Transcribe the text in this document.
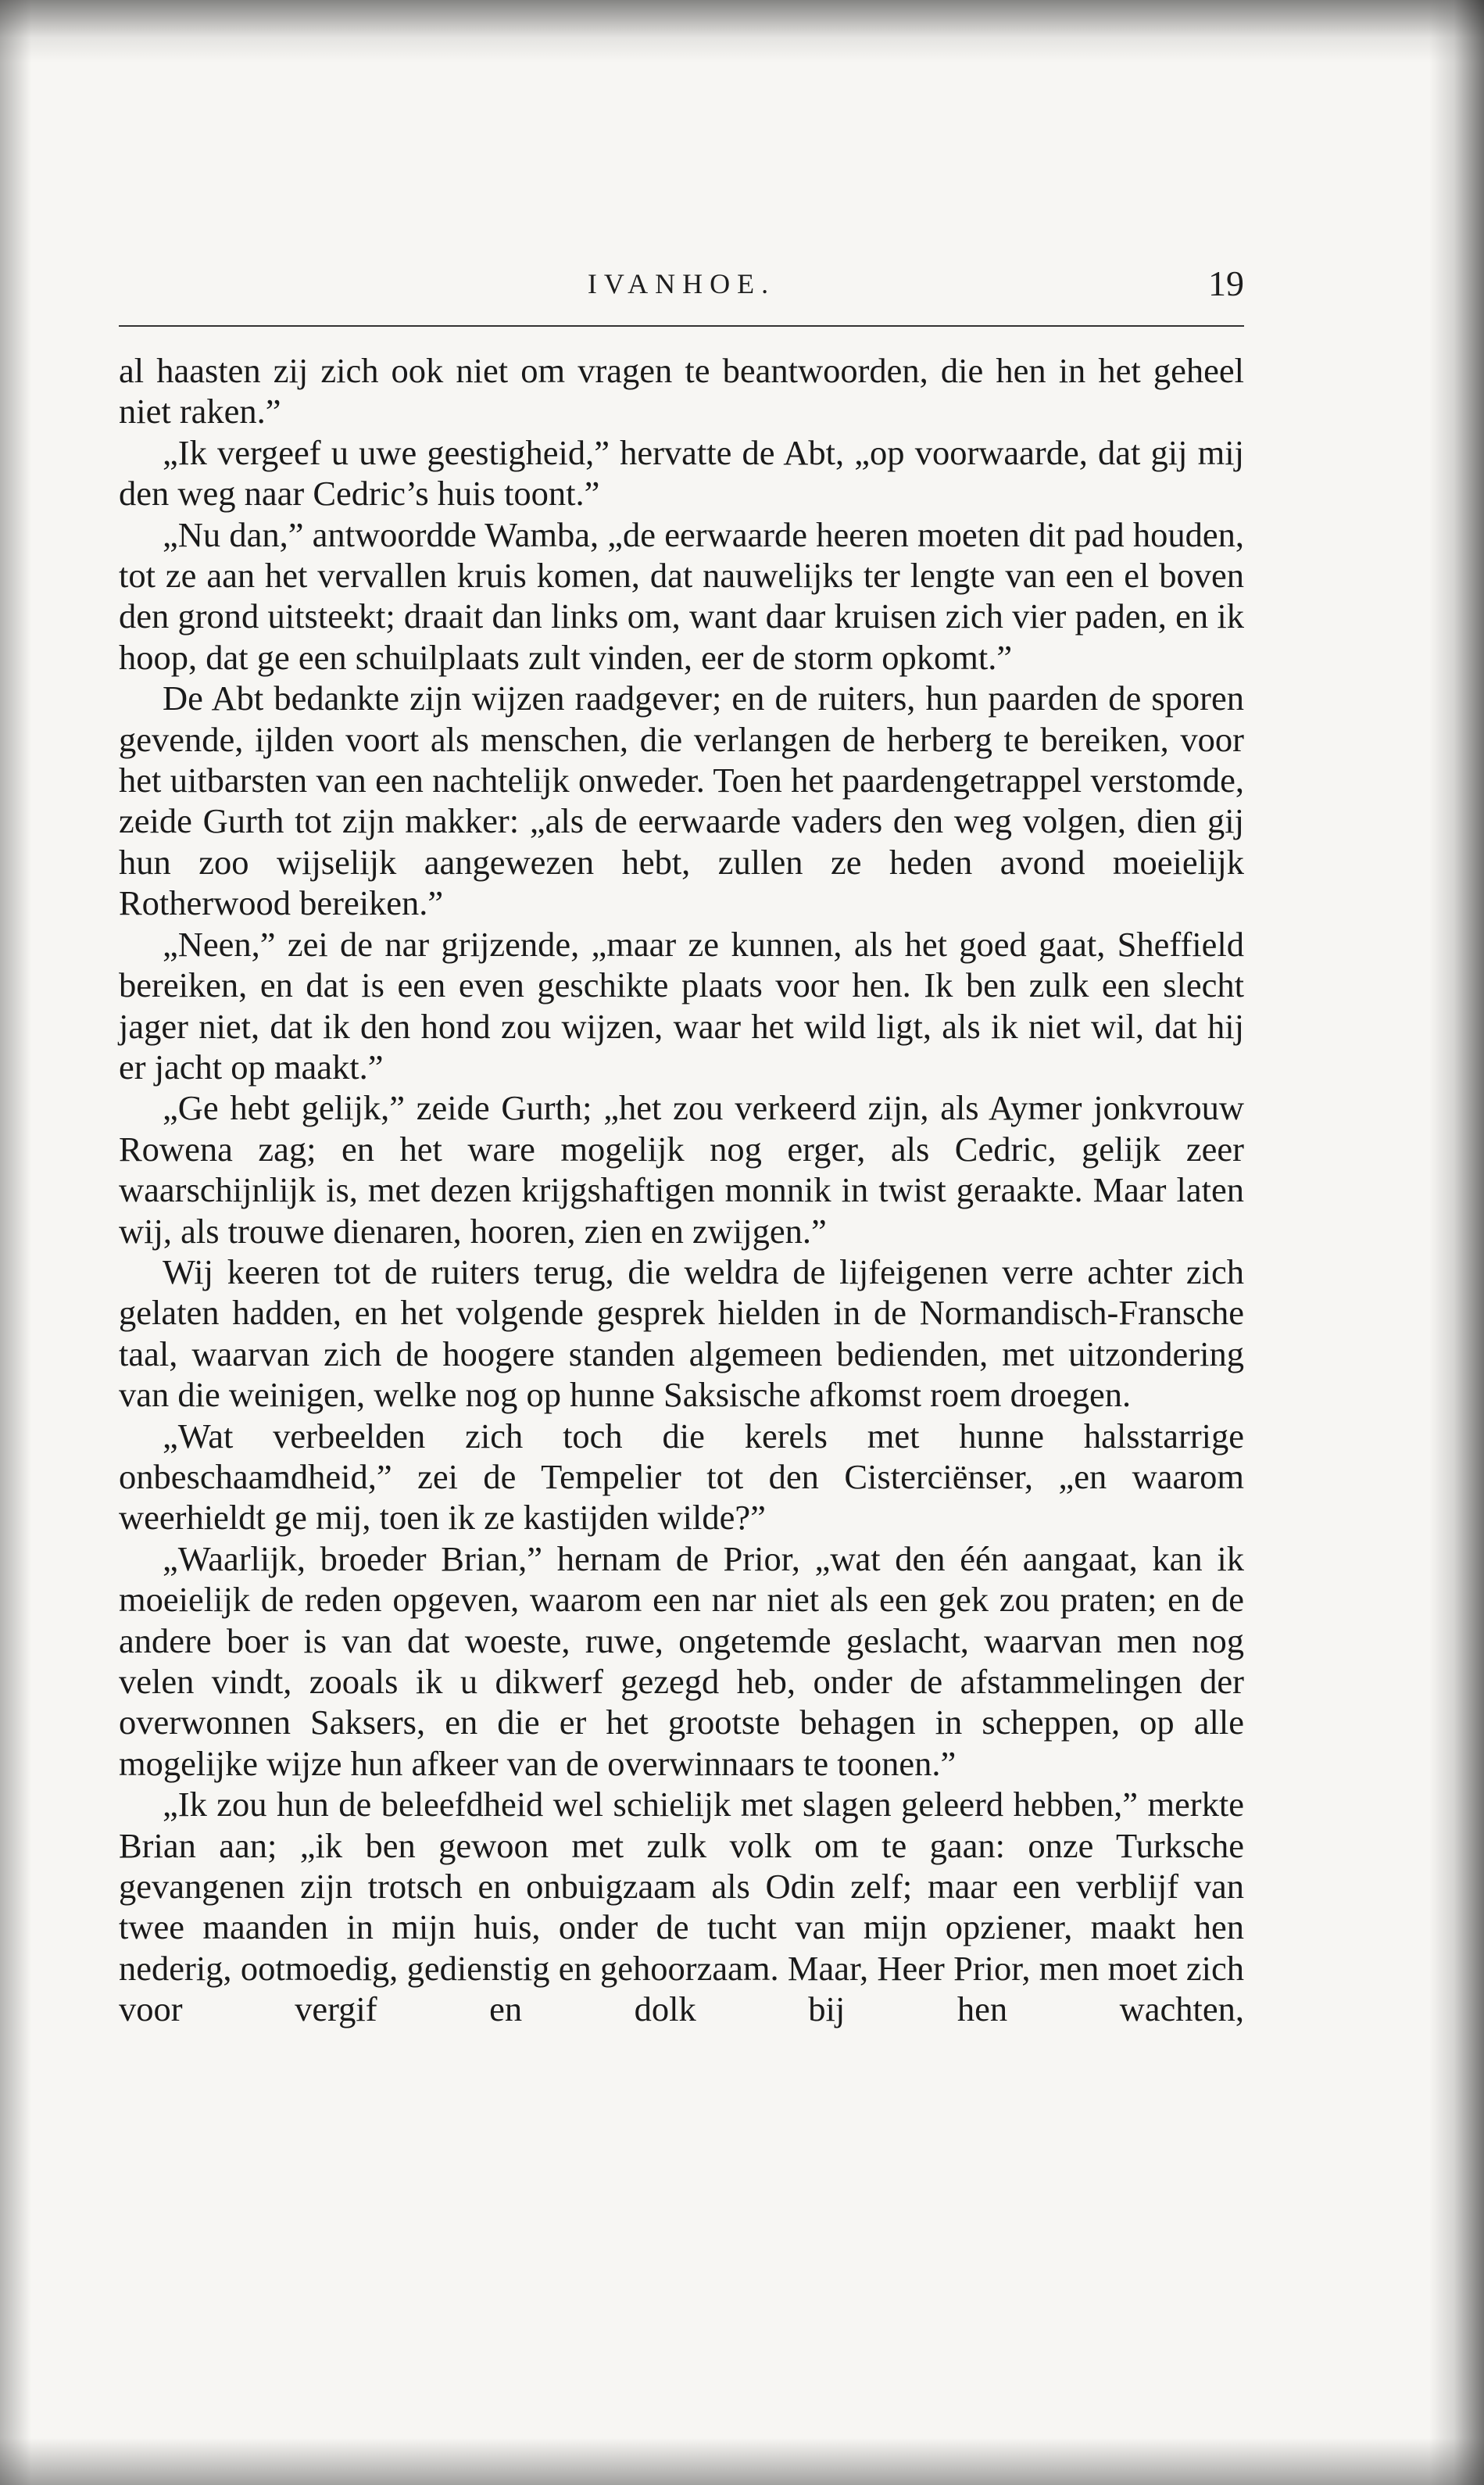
IVANHOE.	19

al haasten zij zich ook niet om vragen te beantwoorden, die hen in het geheel niet raken.”

„Ik vergeef u uwe geestigheid,” hervatte de Abt, „op voorwaarde, dat gij mij den weg naar Cedric’s huis toont.”

„Nu dan,” antwoordde Wamba, „de eerwaarde heeren moeten dit pad houden, tot ze aan het vervallen kruis komen, dat nauwelijks ter lengte van een el boven den grond uitsteekt; draait dan links om, want daar kruisen zich vier paden, en ik hoop, dat ge een schuilplaats zult vinden, eer de storm opkomt.”

De Abt bedankte zijn wijzen raadgever; en de ruiters, hun paarden de sporen gevende, ijlden voort als menschen, die verlangen de herberg te bereiken, voor het uitbarsten van een nachtelijk onweder. Toen het paardengetrappel verstomde, zeide Gurth tot zijn makker: „als de eerwaarde vaders den weg volgen, dien gij hun zoo wijselijk aangewezen hebt, zullen ze heden avond moeielijk Rotherwood bereiken.”

„Neen,” zei de nar grijzende, „maar ze kunnen, als het goed gaat, Sheffield bereiken, en dat is een even geschikte plaats voor hen. Ik ben zulk een slecht jager niet, dat ik den hond zou wijzen, waar het wild ligt, als ik niet wil, dat hij er jacht op maakt.”

„Ge hebt gelijk,” zeide Gurth; „het zou verkeerd zijn, als Aymer jonkvrouw Rowena zag; en het ware mogelijk nog erger, als Cedric, gelijk zeer waarschijnlijk is, met dezen krijgshaftigen monnik in twist geraakte. Maar laten wij, als trouwe dienaren, hooren, zien en zwijgen.”

Wij keeren tot de ruiters terug, die weldra de lijfeigenen verre achter zich gelaten hadden, en het volgende gesprek hielden in de Normandisch-Fransche taal, waarvan zich de hoogere standen algemeen bedienden, met uitzondering van die weinigen, welke nog op hunne Saksische afkomst roem droegen.

„Wat verbeelden zich toch die kerels met hunne halsstarrige onbeschaamdheid,” zei de Tempelier tot den Cisterciënser, „en waarom weerhieldt ge mij, toen ik ze kastijden wilde?”

„Waarlijk, broeder Brian,” hernam de Prior, „wat den één aangaat, kan ik moeielijk de reden opgeven, waarom een nar niet als een gek zou praten; en de andere boer is van dat woeste, ruwe, ongetemde geslacht, waarvan men nog velen vindt, zooals ik u dikwerf gezegd heb, onder de afstammelingen der overwonnen Saksers, en die er het grootste behagen in scheppen, op alle mogelijke wijze hun afkeer van de overwinnaars te toonen.”

„Ik zou hun de beleefdheid wel schielijk met slagen geleerd hebben,” merkte Brian aan; „ik ben gewoon met zulk volk om te gaan: onze Turksche gevangenen zijn trotsch en onbuigzaam als Odin zelf; maar een verblijf van twee maanden in mijn huis, onder de tucht van mijn opziener, maakt hen nederig, ootmoedig, gedienstig en gehoorzaam. Maar, Heer Prior, men moet zich voor vergif en dolk bij hen wachten,
